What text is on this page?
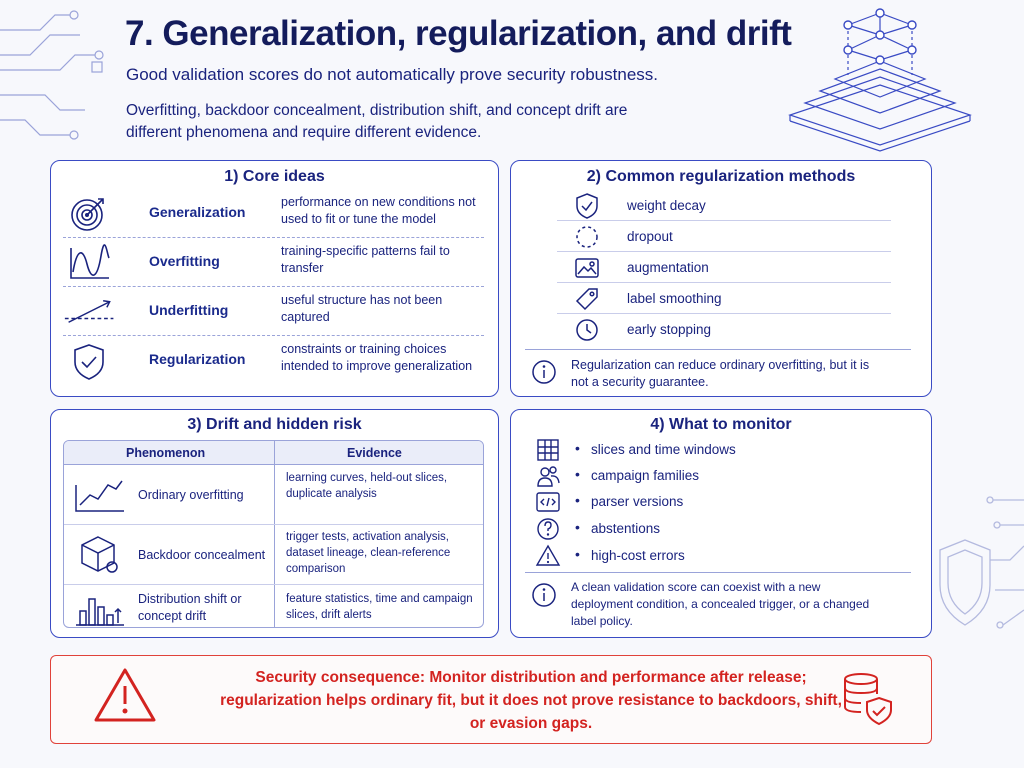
7. Generalization, regularization, and drift
Good validation scores do not automatically prove security robustness.
Overfitting, backdoor concealment, distribution shift, and concept drift are different phenomena and require different evidence.
1) Core ideas
Generalization
performance on new conditions not used to fit or tune the model
Overfitting
training-specific patterns fail to transfer
Underfitting
useful structure has not been captured
Regularization
constraints or training choices intended to improve generalization
2) Common regularization methods
weight decay
dropout
augmentation
label smoothing
early stopping
Regularization can reduce ordinary overfitting, but it is not a security guarantee.
3) Drift and hidden risk
Phenomenon	Evidence
Ordinary overfitting
learning curves, held-out slices, duplicate analysis
Backdoor concealment
trigger tests, activation analysis, dataset lineage, clean-reference comparison
Distribution shift or concept drift
feature statistics, time and campaign slices, drift alerts
4) What to monitor
• slices and time windows
• campaign families
• parser versions
• abstentions
• high-cost errors
A clean validation score can coexist with a new deployment condition, a concealed trigger, or a changed label policy.
Security consequence: Monitor distribution and performance after release; regularization helps ordinary fit, but it does not prove resistance to backdoors, shift, or evasion gaps.
